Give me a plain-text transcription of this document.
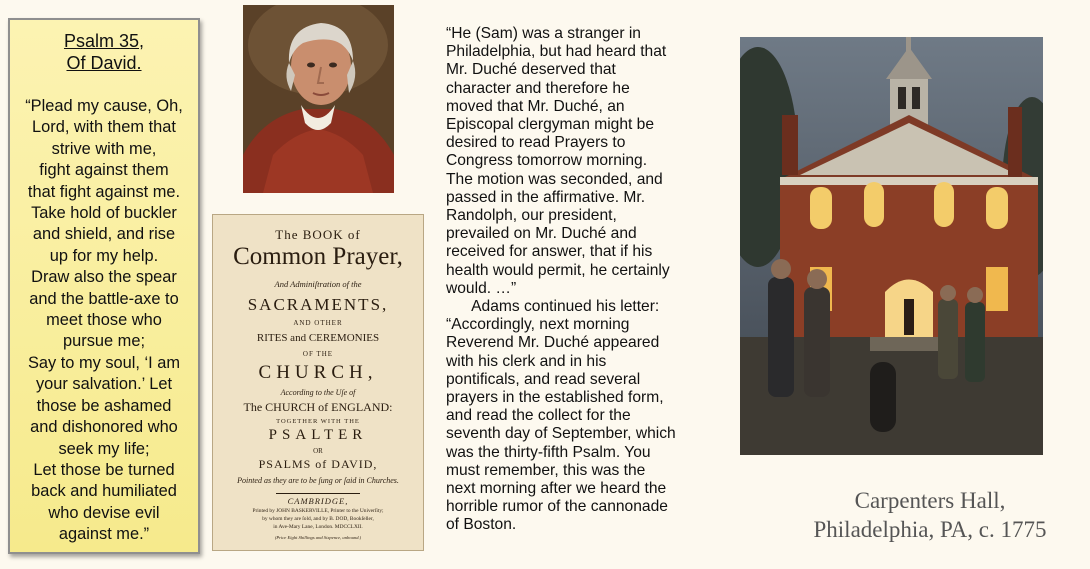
Psalm 35,
Of David.
“Plead my cause, Oh,
Lord, with them that
strive with me,
fight against them
that fight against me.
Take hold of buckler
and shield, and rise
up for my help.
Draw also the spear
and the battle-axe to
meet those who
pursue me;
Say to my soul, ‘I am
your salvation.’ Let
those be ashamed
and dishonored who
seek my life;
Let those be turned
back and humiliated
who devise evil
against me.”
The BOOK of
Common Prayer,
And Adminiſtration of the
SACRAMENTS,
AND OTHER
RITES and CEREMONIES
OF THE
CHURCH,
According to the Uſe of
The CHURCH of ENGLAND:
TOGETHER WITH THE
PSALTER
OR
PSALMS of DAVID,
Pointed as they are to be ſung or ſaid in Churches.
CAMBRIDGE,
Printed by JOHN BASKERVILLE, Printer to the Univerſity;
by whom they are ſold, and by B. DOD, Bookſeller,
in Ave-Mary Lane, London. MDCCLXII.
(Price Eight Shillings and Sixpence, unbound.)
“He (Sam) was a stranger in
Philadelphia, but had heard that
Mr. Duché deserved that
character and therefore he
moved that Mr. Duché, an
Episcopal clergyman might be
desired to read Prayers to
Congress tomorrow morning.
The motion was seconded, and
passed in the affirmative. Mr.
Randolph, our president,
prevailed on Mr. Duché and
received for answer, that if his
health would permit, he certainly
would. …”
Adams continued his letter:
“Accordingly, next morning
Reverend Mr. Duché appeared
with his clerk and in his
pontificals, and read several
prayers in the established form,
and read the collect for the
seventh day of September, which
was the thirty-fifth Psalm. You
must remember, this was the
next morning after we heard the
horrible rumor of the cannonade
of Boston.
Carpenters Hall,
Philadelphia, PA, c. 1775
